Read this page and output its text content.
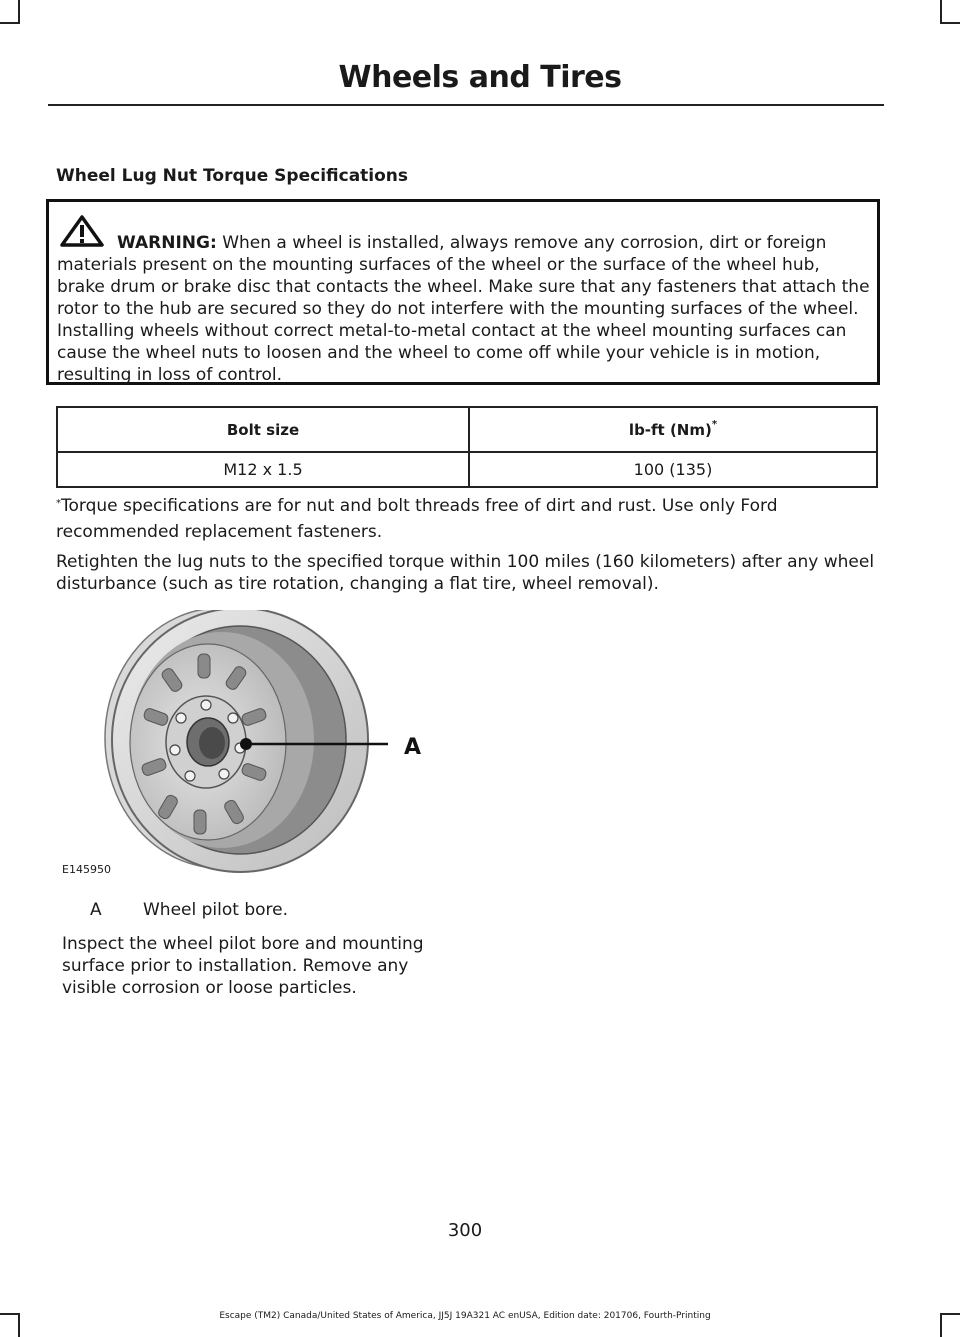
Wheels and Tires
Wheel Lug Nut Torque Specifications
WARNING: When a wheel is installed, always remove any corrosion, dirt or foreign materials present on the mounting surfaces of the wheel or the surface of the wheel hub, brake drum or brake disc that contacts the wheel. Make sure that any fasteners that attach the rotor to the hub are secured so they do not interfere with the mounting surfaces of the wheel. Installing wheels without correct metal-to-metal contact at the wheel mounting surfaces can cause the wheel nuts to loosen and the wheel to come off while your vehicle is in motion, resulting in loss of control.
Bolt size	lb-ft (Nm)*
M12 x 1.5	100 (135)
*Torque specifications are for nut and bolt threads free of dirt and rust. Use only Ford recommended replacement fasteners.
Retighten the lug nuts to the specified torque within 100 miles (160 kilometers) after any wheel disturbance (such as tire rotation, changing a flat tire, wheel removal).
A
E145950
A Wheel pilot bore.
Inspect the wheel pilot bore and mounting surface prior to installation. Remove any visible corrosion or loose particles.
300
Escape (TM2) Canada/United States of America, JJ5J 19A321 AC enUSA, Edition date: 201706, Fourth-Printing
